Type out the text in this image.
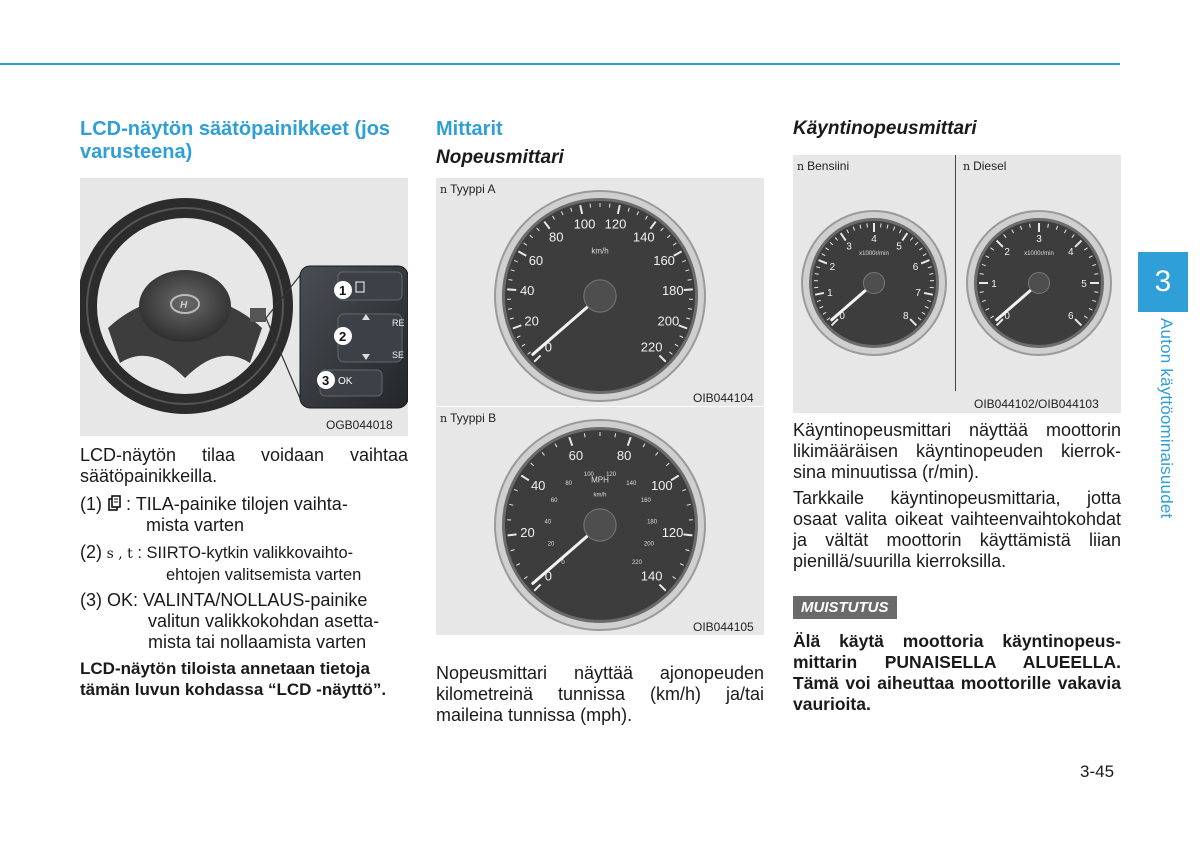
LCD-näytön säätöpainikkeet (jos varusteena)
H
1
2
3 OK
RE
SE
OGB044018

LCD-näytön tilaa voidaan vaihtaa säätöpainikkeilla.

(1) : TILA-painike tilojen vaihta-
mista varten
(2) s , t : SIIRTO-kytkin valikkovaihto-
ehtojen valitsemista varten
(3) OK: VALINTA/NOLLAUS-painike
valitun valikkokohdan asetta-
mista tai nollaamista varten

LCD-näytön tiloista annetaan tietoja tämän luvun kohdassa “LCD -näyttö”.

Mittarit
Nopeusmittari
n Tyyppi A
0
20
40
60
80
100 120
140
160
180
200
220
km/h
OIB044104
n Tyyppi B
0
20
40
60	80
100
120
140
0
20
40
60
80
100 120
140
160
180
200
220
MPH
km/h
OIB044105

Nopeusmittari näyttää ajonopeuden kilometreinä tunnissa (km/h) ja/tai maileina tunnissa (mph).

Käyntinopeusmittari
n Bensiini	n Diesel
0
1
2
3
4
5
6
7
8
x1000r/min
0
1
2
3
4
5
6
x1000r/min
OIB044102/OIB044103

Käyntinopeusmittari näyttää moottorin likimääräisen käyntinopeuden kierroksina minuutissa (r/min).

Tarkkaile käyntinopeusmittaria, jotta osaat valita oikeat vaihteenvaihtokohdat ja vältät moottorin käyttämistä liian pienillä/suurilla kierroksilla.

MUISTUTUS

Älä käytä moottoria käyntinopeusmittarin PUNAISELLA ALUEELLA. Tämä voi aiheuttaa moottorille vakavia vaurioita.

3
Auton käyttöominaisuudet
3-45
